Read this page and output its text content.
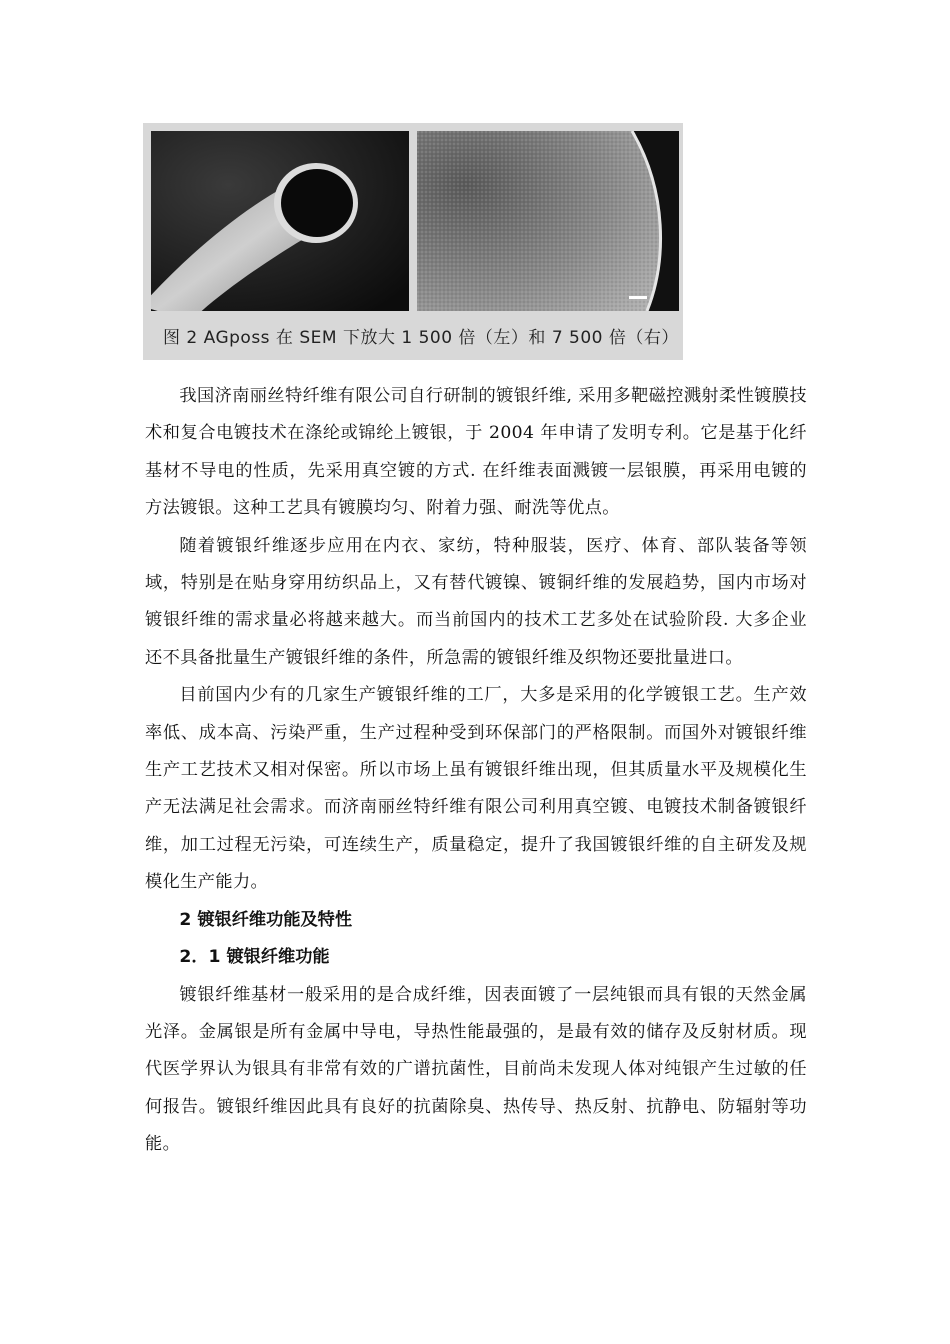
图 2 AGposs 在 SEM 下放大 1 500 倍（左）和 7 500 倍（右）

我国济南丽丝特纤维有限公司自行研制的镀银纤维, 采用多靶磁控溅射柔性镀膜技术和复合电镀技术在涤纶或锦纶上镀银，于 2004 年申请了发明专利。它是基于化纤基材不导电的性质，先采用真空镀的方式. 在纤维表面溅镀一层银膜，再采用电镀的方法镀银。这种工艺具有镀膜均匀、附着力强、耐洗等优点。

随着镀银纤维逐步应用在内衣、家纺，特种服装，医疗、体育、部队装备等领域，特别是在贴身穿用纺织品上，又有替代镀镍、镀铜纤维的发展趋势，国内市场对镀银纤维的需求量必将越来越大。而当前国内的技术工艺多处在试验阶段. 大多企业还不具备批量生产镀银纤维的条件，所急需的镀银纤维及织物还要批量进口。

目前国内少有的几家生产镀银纤维的工厂，大多是采用的化学镀银工艺。生产效率低、成本高、污染严重，生产过程种受到环保部门的严格限制。而国外对镀银纤维生产工艺技术又相对保密。所以市场上虽有镀银纤维出现，但其质量水平及规模化生产无法满足社会需求。而济南丽丝特纤维有限公司利用真空镀、电镀技术制备镀银纤维，加工过程无污染，可连续生产，质量稳定，提升了我国镀银纤维的自主研发及规模化生产能力。

2 镀银纤维功能及特性

2．1 镀银纤维功能

镀银纤维基材一般采用的是合成纤维，因表面镀了一层纯银而具有银的天然金属光泽。金属银是所有金属中导电，导热性能最强的，是最有效的储存及反射材质。现代医学界认为银具有非常有效的广谱抗菌性，目前尚未发现人体对纯银产生过敏的任何报告。镀银纤维因此具有良好的抗菌除臭、热传导、热反射、抗静电、防辐射等功能。
